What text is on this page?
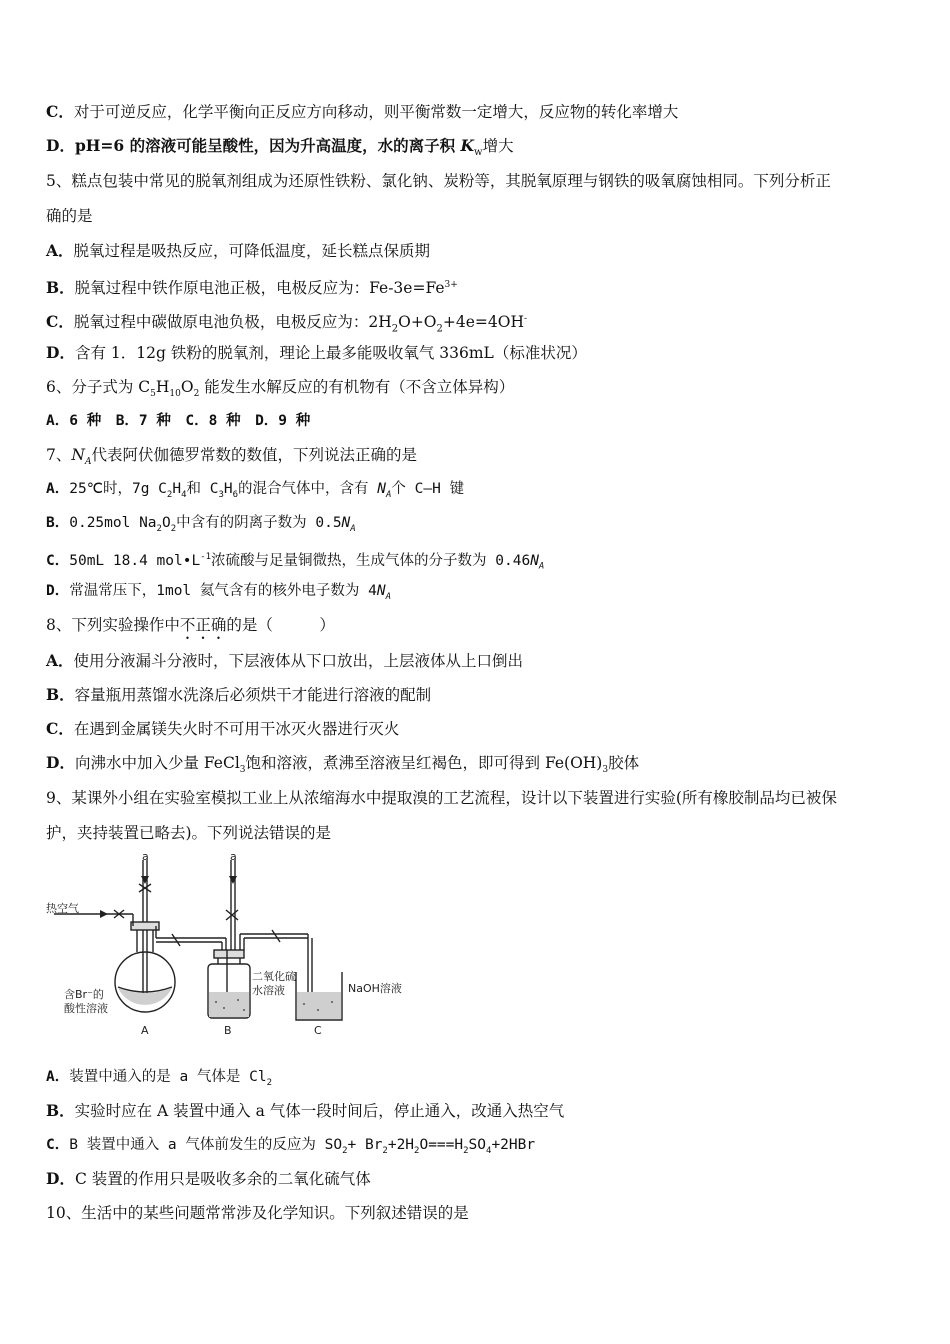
C．对于可逆反应，化学平衡向正反应方向移动，则平衡常数一定增大，反应物的转化率增大
D．pH=6 的溶液可能呈酸性，因为升高温度，水的离子积 $K_w$增大
5、糕点包装中常见的脱氧剂组成为还原性铁粉、氯化钠、炭粉等，其脱氧原理与钢铁的吸氧腐蚀相同。下列分析正
确的是
A．脱氧过程是吸热反应，可降低温度，延长糕点保质期
B．脱氧过程中铁作原电池正极，电极反应为：$Fe-3e=Fe^{3+}$
C．脱氧过程中碳做原电池负极，电极反应为：$2H_2O+O_2+4e=4OH^-$
D．含有 1．12g 铁粉的脱氧剂，理论上最多能吸收氧气 336mL（标准状况）
6、分子式为 $C_5H_{10}O_2$ 能发生水解反应的有机物有（不含立体异构）
A．6 种　B．7 种　C．8 种　D．9 种
7、$N_A$代表阿伏伽德罗常数的数值，下列说法正确的是
A．25℃时，7g $C_2H_4$和 $C_3H_6$的混合气体中，含有 $N_A$个 C—H 键
B．0.25mol $Na_2O_2$中含有的阴离子数为 $0.5N_A$
C．50mL 18.4 $mol•L^{-1}$浓硫酸与足量铜微热，生成气体的分子数为 $0.46N_A$
D．常温常压下，1mol 氦气含有的核外电子数为 $4N_A$
8、下列实验操作中不正确的是（　　　）
A．使用分液漏斗分液时，下层液体从下口放出，上层液体从上口倒出
B．容量瓶用蒸馏水洗涤后必须烘干才能进行溶液的配制
C．在遇到金属镁失火时不可用干冰灭火器进行灭火
D．向沸水中加入少量 FeCl$_3$饱和溶液，煮沸至溶液呈红褐色，即可得到 $Fe(OH)_3$胶体
9、某课外小组在实验室模拟工业上从浓缩海水中提取溴的工艺流程，设计以下装置进行实验(所有橡胶制品均已被保
护，夹持装置已略去)。下列说法错误的是
a	a
热空气
含Br⁻的
酸性溶液
二氧化硫
水溶液	NaOH溶液
A	B	C
A．装置中通入的是 a 气体是 $Cl_2$
B．实验时应在 A 装置中通入 a 气体一段时间后，停止通入，改通入热空气
C．B 装置中通入 a 气体前发生的反应为 $SO_2+ Br_2+2H_2O===H_2SO_4+2HBr$
D．C 装置的作用只是吸收多余的二氧化硫气体
10、生活中的某些问题常常涉及化学知识。下列叙述错误的是
